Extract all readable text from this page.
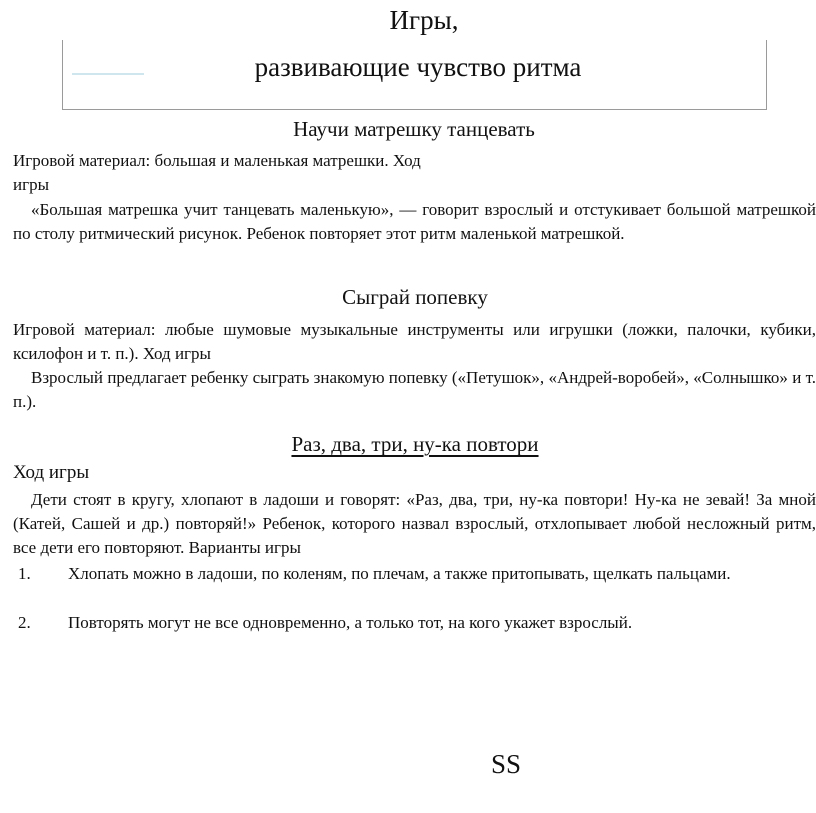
Игры,
развивающие чувство ритма
Научи матрешку танцевать
Игровой материал: большая и маленькая матрешки. Ход
игры

«Большая матрешка учит танцевать маленькую», — говорит взрослый и отстукивает большой матрешкой по столу ритмический рисунок. Ребенок повторяет этот ритм маленькой матрешкой.

Сыграй попевку

Игровой материал: любые шумовые музыкальные инструменты или игрушки (ложки, палочки, кубики, ксилофон и т. п.). Ход игры

Взрослый предлагает ребенку сыграть знакомую попевку («Петушок», «Андрей-воробей», «Солнышко» и т. п.).

Раз, два, три, ну-ка повтори
Ход игры

Дети стоят в кругу, хлопают в ладоши и говорят: «Раз, два, три, ну-ка повтори! Ну-ка не зевай! За мной (Катей, Сашей и др.) повторяй!» Ребенок, которого назвал взрослый, отхлопывает любой несложный ритм, все дети его повторяют. Варианты игры

1. Хлопать можно в ладоши, по коленям, по плечам, а также притопывать, щелкать пальцами.
2. Повторять могут не все одновременно, а только тот, на кого укажет взрослый.
SS
